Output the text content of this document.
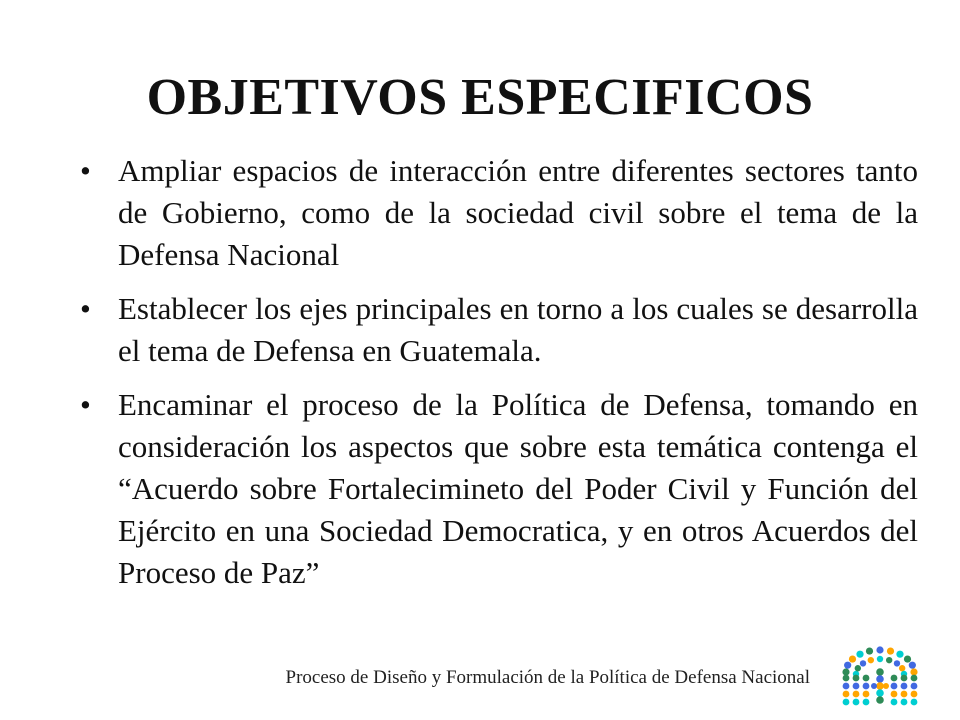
OBJETIVOS ESPECIFICOS
• Ampliar espacios de interacción entre diferentes sectores tanto de Gobierno, como de la sociedad civil sobre el tema de la Defensa Nacional
• Establecer los ejes principales en torno a los cuales se desarrolla el tema de Defensa en Guatemala.
• Encaminar el proceso de la Política de Defensa, tomando en consideración los aspectos que sobre esta temática contenga el “Acuerdo sobre Fortalecimineto del Poder Civil y Función del Ejército en una Sociedad Democratica, y en otros Acuerdos del Proceso de Paz”
Proceso de Diseño y Formulación de la Política de Defensa Nacional
